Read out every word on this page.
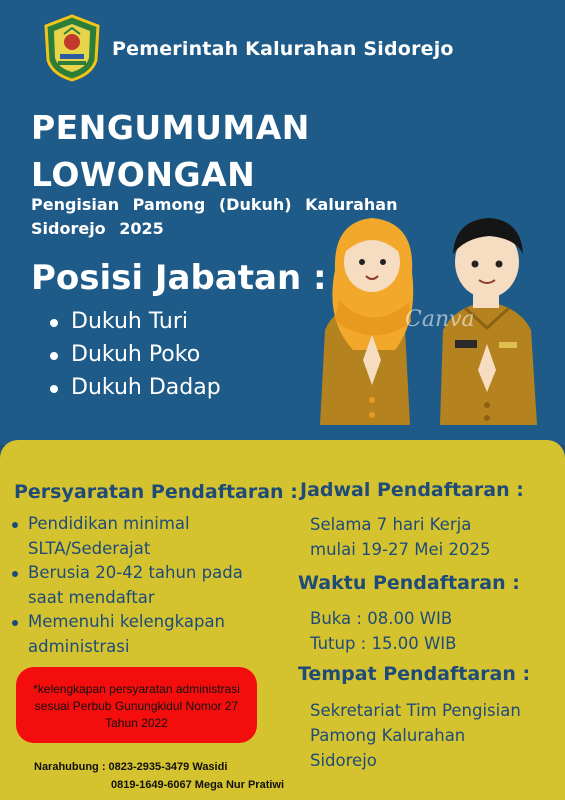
Pemerintah Kalurahan Sidorejo
PENGUMUMAN
LOWONGAN
Pengisian Pamong (Dukuh) Kalurahan Sidorejo 2025
Posisi Jabatan :
Dukuh Turi
Dukuh Poko
Dukuh Dadap
Canva
Persyaratan Pendaftaran :
Pendidikan minimal SLTA/Sederajat
Berusia 20-42 tahun pada saat mendaftar
Memenuhi kelengkapan administrasi
*kelengkapan persyaratan administrasi sesuai Perbub Gunungkidul Nomor 27 Tahun 2022
Jadwal Pendaftaran :
Selama 7 hari Kerja
mulai 19-27 Mei 2025
Waktu Pendaftaran :
Buka : 08.00 WIB
Tutup : 15.00 WIB
Tempat Pendaftaran :
Sekretariat Tim Pengisian
Pamong Kalurahan
Sidorejo
Narahubung : 0823-2935-3479 Wasidi
0819-1649-6067 Mega Nur Pratiwi
